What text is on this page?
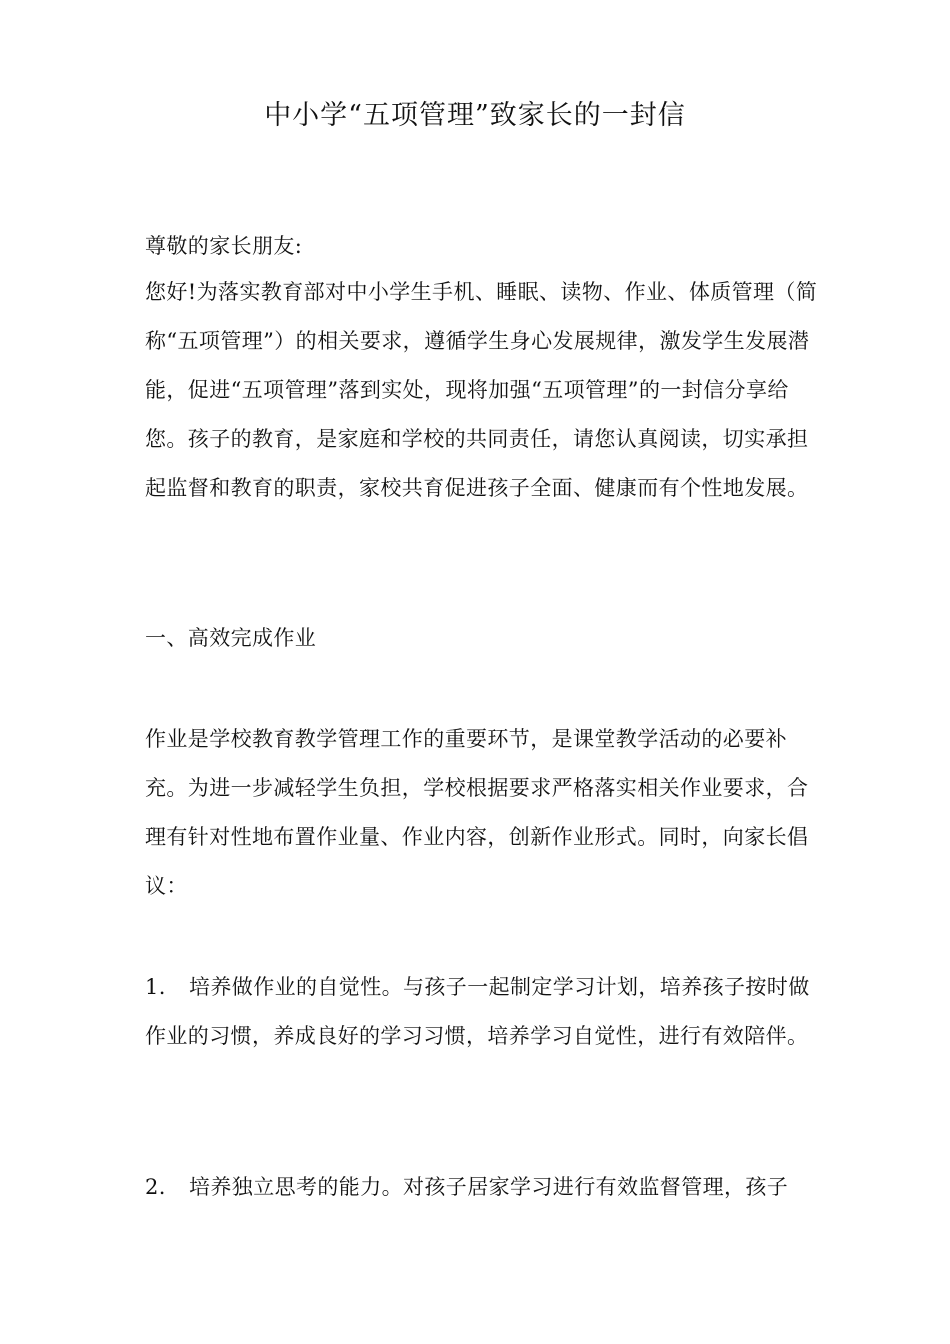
中小学“五项管理”致家长的一封信
尊敬的家长朋友:
您好!为落实教育部对中小学生手机、睡眠、读物、作业、体质管理（简称“五项管理”）的相关要求，遵循学生身心发展规律，激发学生发展潜能，促进“五项管理”落到实处，现将加强“五项管理”的一封信分享给您。孩子的教育，是家庭和学校的共同责任，请您认真阅读，切实承担起监督和教育的职责，家校共育促进孩子全面、健康而有个性地发展。
一、高效完成作业
作业是学校教育教学管理工作的重要环节，是课堂教学活动的必要补充。为进一步减轻学生负担，学校根据要求严格落实相关作业要求，合理有针对性地布置作业量、作业内容，创新作业形式。同时，向家长倡议：
1. 培养做作业的自觉性。与孩子一起制定学习计划，培养孩子按时做作业的习惯，养成良好的学习习惯，培养学习自觉性，进行有效陪伴。
2. 培养独立思考的能力。对孩子居家学习进行有效监督管理，孩子
